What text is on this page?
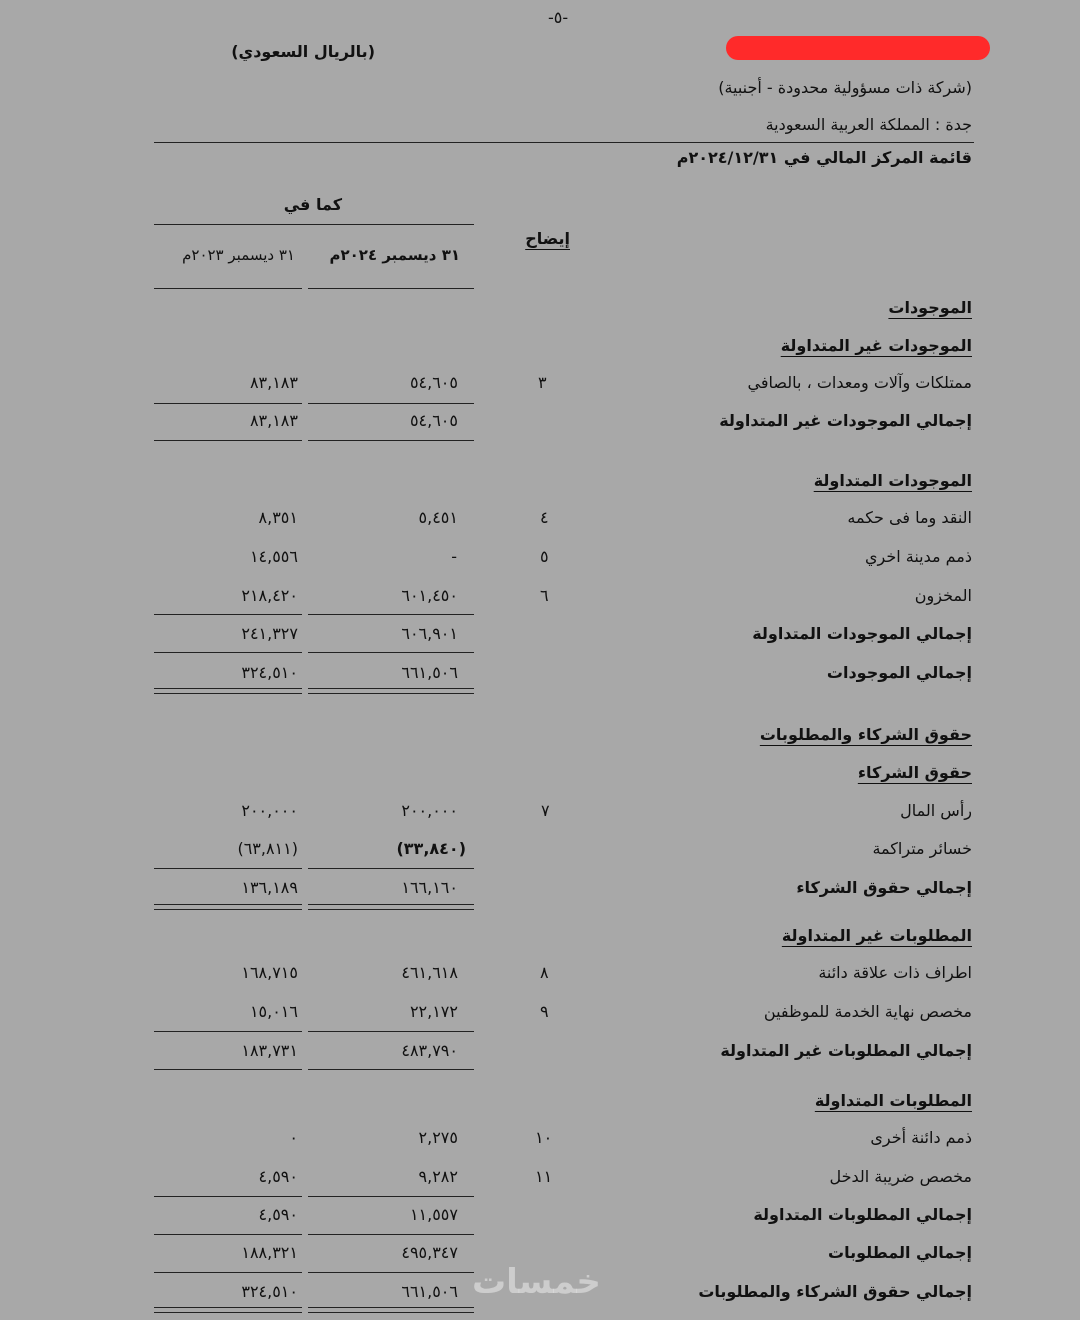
-٥-
(بالريال السعودي)
(شركة ذات مسؤولية محدودة - أجنبية)
جدة : المملكة العربية السعودية
قائمة المركز المالي في ٢٠٢٤/١٢/٣١م
كما في
إيضاح
٣١ ديسمبر ٢٠٢٤م
٣١ ديسمبر ٢٠٢٣م
الموجودات
الموجودات غير المتداولة
ممتلكات وآلات ومعدات ، بالصافي
٣
٥٤,٦٠٥
٨٣,١٨٣
إجمالي الموجودات غير المتداولة
٥٤,٦٠٥
٨٣,١٨٣
الموجودات المتداولة
النقد وما فى حكمه
٤
٥,٤٥١
٨,٣٥١
ذمم مدينة اخري
٥
-
١٤,٥٥٦
المخزون
٦
٦٠١,٤٥٠
٢١٨,٤٢٠
إجمالي الموجودات المتداولة
٦٠٦,٩٠١
٢٤١,٣٢٧
إجمالي الموجودات
٦٦١,٥٠٦
٣٢٤,٥١٠
حقوق الشركاء والمطلوبات
حقوق الشركاء
رأس المال
٧
٢٠٠,٠٠٠
٢٠٠,٠٠٠
خسائر متراكمة
(٣٣,٨٤٠)
(٦٣,٨١١)
إجمالي حقوق الشركاء
١٦٦,١٦٠
١٣٦,١٨٩
المطلوبات غير المتداولة
اطراف ذات علاقة دائنة
٨
٤٦١,٦١٨
١٦٨,٧١٥
مخصص نهاية الخدمة للموظفين
٩
٢٢,١٧٢
١٥,٠١٦
إجمالي المطلوبات غير المتداولة
٤٨٣,٧٩٠
١٨٣,٧٣١
المطلوبات المتداولة
ذمم دائنة أخرى
١٠
٢,٢٧٥
٠
مخصص ضريبة الدخل
١١
٩,٢٨٢
٤,٥٩٠
إجمالي المطلوبات المتداولة
١١,٥٥٧
٤,٥٩٠
إجمالي المطلوبات
٤٩٥,٣٤٧
١٨٨,٣٢١
إجمالي حقوق الشركاء والمطلوبات
٦٦١,٥٠٦
٣٢٤,٥١٠	خمسات
